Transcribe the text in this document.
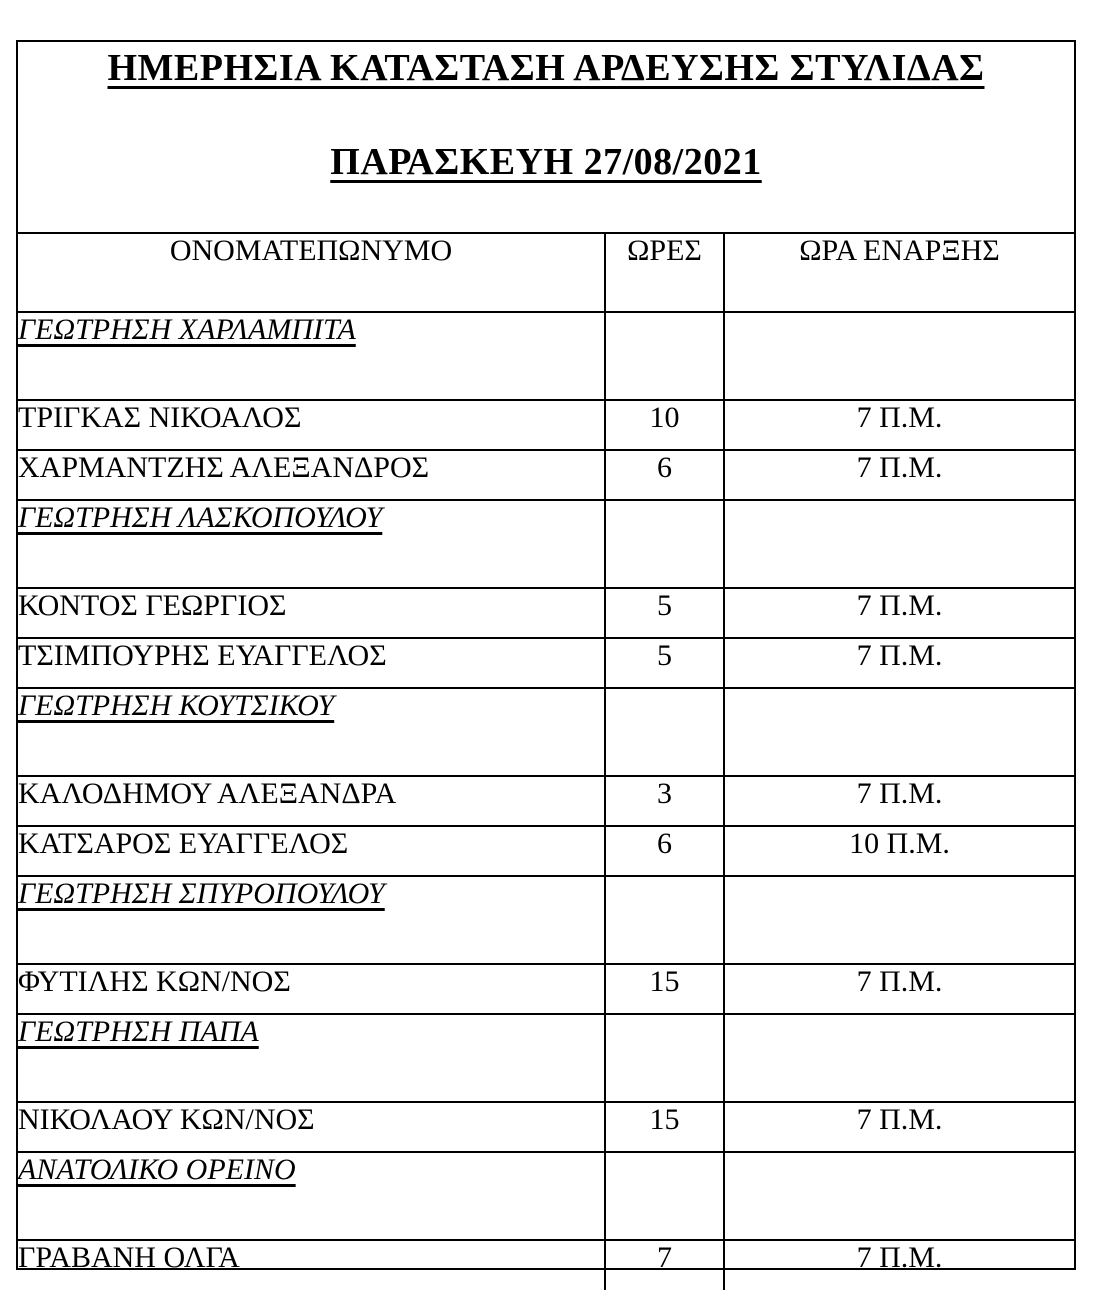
ΗΜΕΡΗΣΙΑ ΚΑΤΑΣΤΑΣΗ ΑΡΔΕΥΣΗΣ ΣΤΥΛΙΔΑΣ
ΠΑΡΑΣΚΕΥΗ 27/08/2021
ΟΝΟΜΑΤΕΠΩΝΥΜΟ	ΩΡΕΣ	ΩΡΑ ΕΝΑΡΞΗΣ
ΓΕΩΤΡΗΣΗ ΧΑΡΛΑΜΠΙΤΑ		
ΤΡΙΓΚΑΣ ΝΙΚΟΑΛΟΣ	10	7 Π.Μ.
ΧΑΡΜΑΝΤΖΗΣ ΑΛΕΞΑΝΔΡΟΣ	6	7 Π.Μ.
ΓΕΩΤΡΗΣΗ ΛΑΣΚΟΠΟΥΛΟΥ		
ΚΟΝΤΟΣ ΓΕΩΡΓΙΟΣ	5	7 Π.Μ.
ΤΣΙΜΠΟΥΡΗΣ ΕΥΑΓΓΕΛΟΣ	5	7 Π.Μ.
ΓΕΩΤΡΗΣΗ ΚΟΥΤΣΙΚΟΥ		
ΚΑΛΟΔΗΜΟΥ ΑΛΕΞΑΝΔΡΑ	3	7 Π.Μ.
ΚΑΤΣΑΡΟΣ ΕΥΑΓΓΕΛΟΣ	6	10 Π.Μ.
ΓΕΩΤΡΗΣΗ ΣΠΥΡΟΠΟΥΛΟΥ		
ΦΥΤΙΛΗΣ ΚΩΝ/ΝΟΣ	15	7 Π.Μ.
ΓΕΩΤΡΗΣΗ ΠΑΠΑ		
ΝΙΚΟΛΑΟΥ ΚΩΝ/ΝΟΣ	15	7 Π.Μ.
ΑΝΑΤΟΛΙΚΟ ΟΡΕΙΝΟ		
ΓΡΑΒΑΝΗ ΟΛΓΑ	7	7 Π.Μ.
